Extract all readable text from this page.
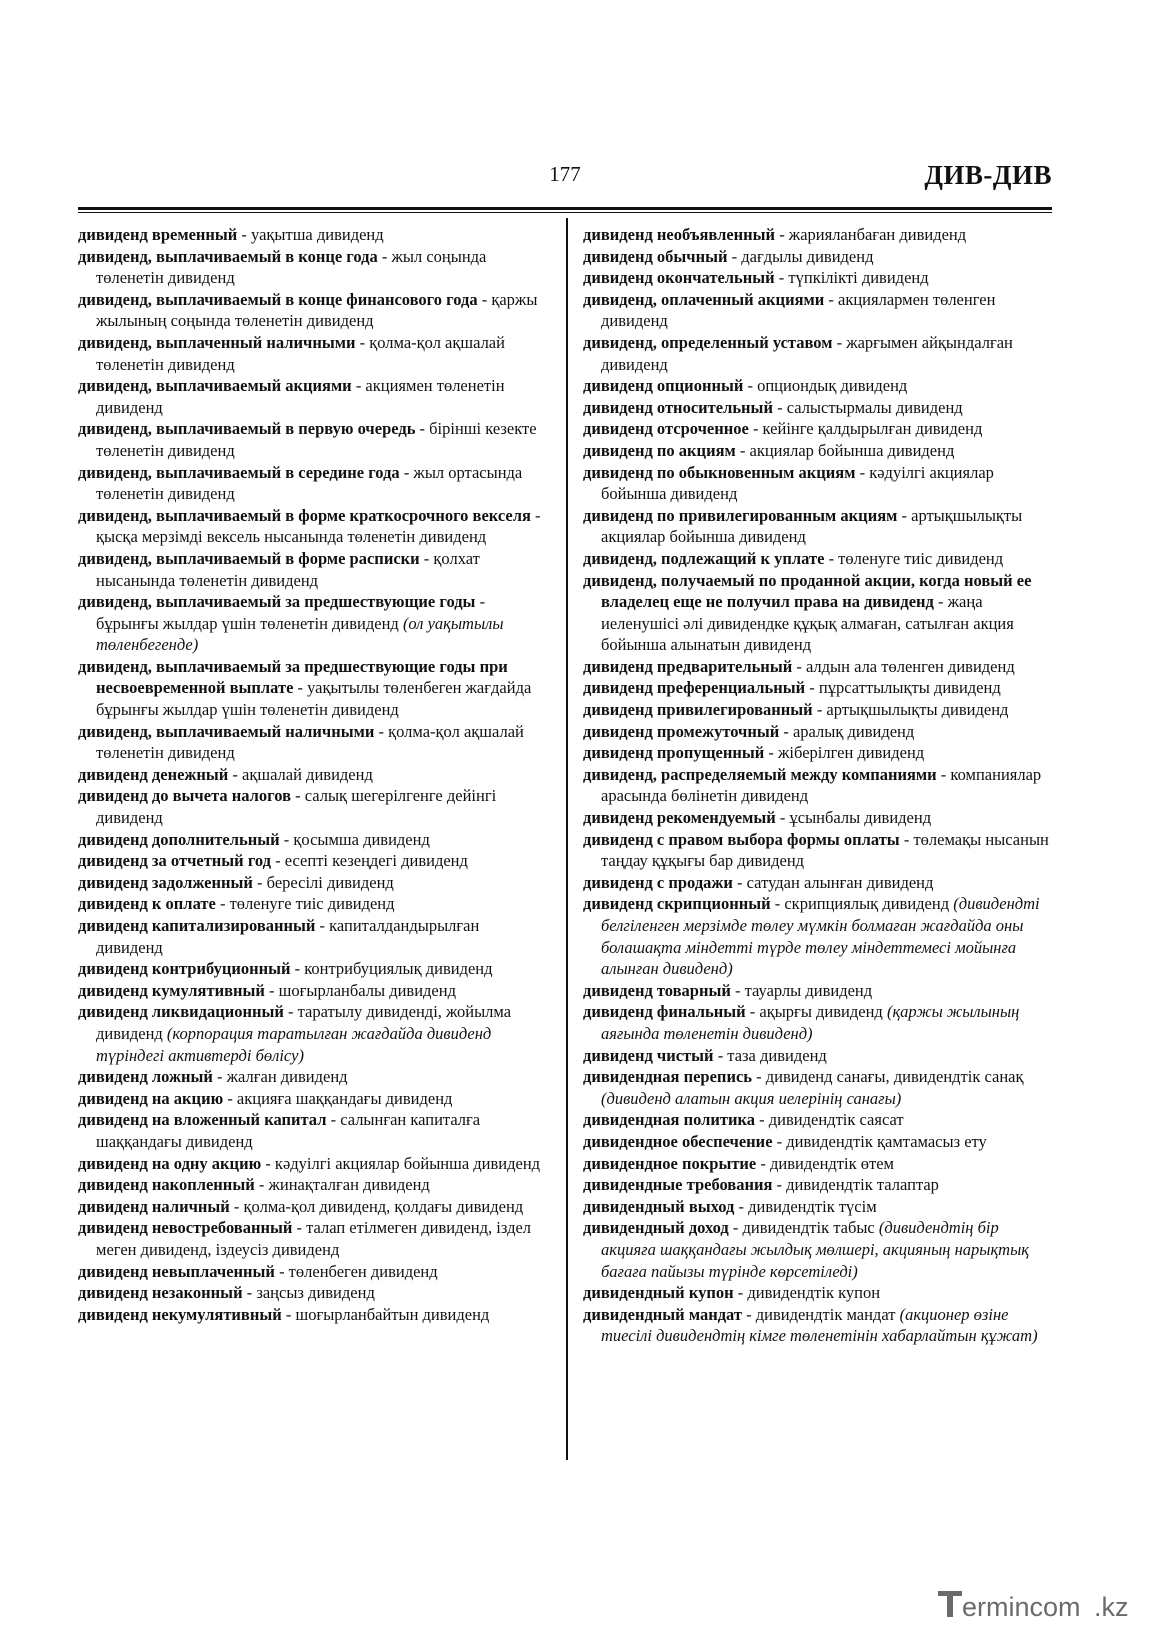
177	ДИВ-ДИВ

дивиденд временный - уақытша дивиденд

дивиденд, выплачиваемый в конце года - жыл соңында төленетін дивиденд

дивиденд, выплачиваемый в конце финансового года - қаржы жылының соңында төленетін дивиденд

дивиденд, выплаченный наличными - қолма-қол ақшалай төленетін дивиденд

дивиденд, выплачиваемый акциями - акциямен төленетін дивиденд

дивиденд, выплачиваемый в первую очередь - бірінші кезекте төленетін дивиденд

дивиденд, выплачиваемый в середине года - жыл ортасында төленетін дивиденд

дивиденд, выплачиваемый в форме краткосрочного векселя - қысқа мерзімді вексель нысанында төленетін дивиденд

дивиденд, выплачиваемый в форме расписки - қолхат нысанында төленетін дивиденд

дивиденд, выплачиваемый за предшествующие годы - бұрынғы жылдар үшін төленетін дивиденд (ол уақытылы төленбегенде)

дивиденд, выплачиваемый за предшествующие годы при несвоевременной выплате - уақытылы төленбеген жағдайда бұрынғы жылдар үшін төленетін дивиденд

дивиденд, выплачиваемый наличными - қолма-қол ақшалай төленетін дивиденд

дивиденд денежный - ақшалай дивиденд

дивиденд до вычета налогов - салық шегерілгенге дейінгі дивиденд

дивиденд дополнительный - қосымша дивиденд

дивиденд за отчетный год - есепті кезеңдегі дивиденд

дивиденд задолженный - бересілі дивиденд

дивиденд к оплате - төленуге тиіс дивиденд

дивиденд капитализированный - капиталдандырылған дивиденд

дивиденд контрибуционный - контрибуциялық дивиденд

дивиденд кумулятивный - шоғырланбалы дивиденд

дивиденд ликвидационный - таратылу дивиденді, жойылма дивиденд (корпорация таратылған жағдайда дивиденд түріндегі активтерді бөлісу)

дивиденд ложный - жалған дивиденд

дивиденд на акцию - акцияға шаққандағы дивиденд

дивиденд на вложенный капитал - салынған капиталға шаққандағы дивиденд

дивиденд на одну акцию - кәдуілгі акциялар бойынша дивиденд

дивиденд накопленный - жинақталған дивиденд

дивиденд наличный - қолма-қол дивиденд, қолдағы дивиденд

дивиденд невостребованный - талап етілмеген дивиденд, іздел мeген дивиденд, іздеусіз дивиденд

дивиденд невыплаченный - төленбеген дивиденд

дивиденд незаконный - заңсыз дивиденд

дивиденд некумулятивный - шоғырланбайтын дивиденд

дивиденд необъявленный - жарияланбаған дивиденд

дивиденд обычный - дағдылы дивиденд

дивиденд окончательный - түпкілікті дивиденд

дивиденд, оплаченный акциями - акциялармен төленген дивиденд

дивиденд, определенный уставом - жарғымен айқындалған дивиденд

дивиденд опционный - опциондық дивиденд

дивиденд относительный - салыстырмалы дивиденд

дивиденд отсроченное - кейінге қалдырылған дивиденд

дивиденд по акциям - акциялар бойынша дивиденд

дивиденд по обыкновенным акциям - кәдуілгі акциялар бойынша дивиденд

дивиденд по привилегированным акциям - артықшылықты акциялар бойынша дивиденд

дивиденд, подлежащий к уплате - төленуге тиіс дивиденд

дивиденд, получаемый по проданной акции, когда новый ее владелец еще не получил права на дивиденд - жаңа иеленушісі әлі дивидендке құқық алмаған, сатылған акция бойынша алынатын дивиденд

дивиденд предварительный - алдын ала төленген дивиденд

дивиденд преференциальный - пұрсаттылықты дивиденд

дивиденд привилегированный - артықшылықты дивиденд

дивиденд промежуточный - аралық дивиденд

дивиденд пропущенный - жіберілген дивиденд

дивиденд, распределяемый между компаниями - компаниялар арасында бөлінетін дивиденд

дивиденд рекомендуемый - ұсынбалы дивиденд

дивиденд с правом выбора формы оплаты - төлемақы нысанын таңдау құқығы бар дивиденд

дивиденд с продажи - сатудан алынған дивиденд

дивиденд скрипционный - скрипциялық дивиденд (дивидендті белгіленген мерзімде төлеу мүмкін болмаған жағдайда оны болашақта міндетті түрде төлеу міндеттемесі мойынға алынған дивиденд)

дивиденд товарный - тауарлы дивиденд

дивиденд финальный - ақырғы дивиденд (қаржы жылының аяғында төленетін дивиденд)

дивиденд чистый - таза дивиденд

дивидендная перепись - дивиденд санағы, дивидендтік санақ (дивиденд алатын акция иелерінің санағы)

дивидендная политика - дивидендтік саясат

дивидендное обеспечение - дивидендтік қамтамасыз ету

дивидендное покрытие - дивидендтік өтем

дивидендные требования - дивидендтік талаптар

дивидендный выход - дивидендтік түсім

дивидендный доход - дивидендтік табыс (дивидендтің бір акцияға шаққандағы жылдық мөлшері, акцияның нарықтық бағаға пайызы түрінде көрсетіледі)

дивидендный купон - дивидендтік купон

дивидендный мандат - дивидендтік мандат (акционер өзіне тиесілі дивидендтің кімге төленетінін хабарлайтын құжат)

ermincom .kz
